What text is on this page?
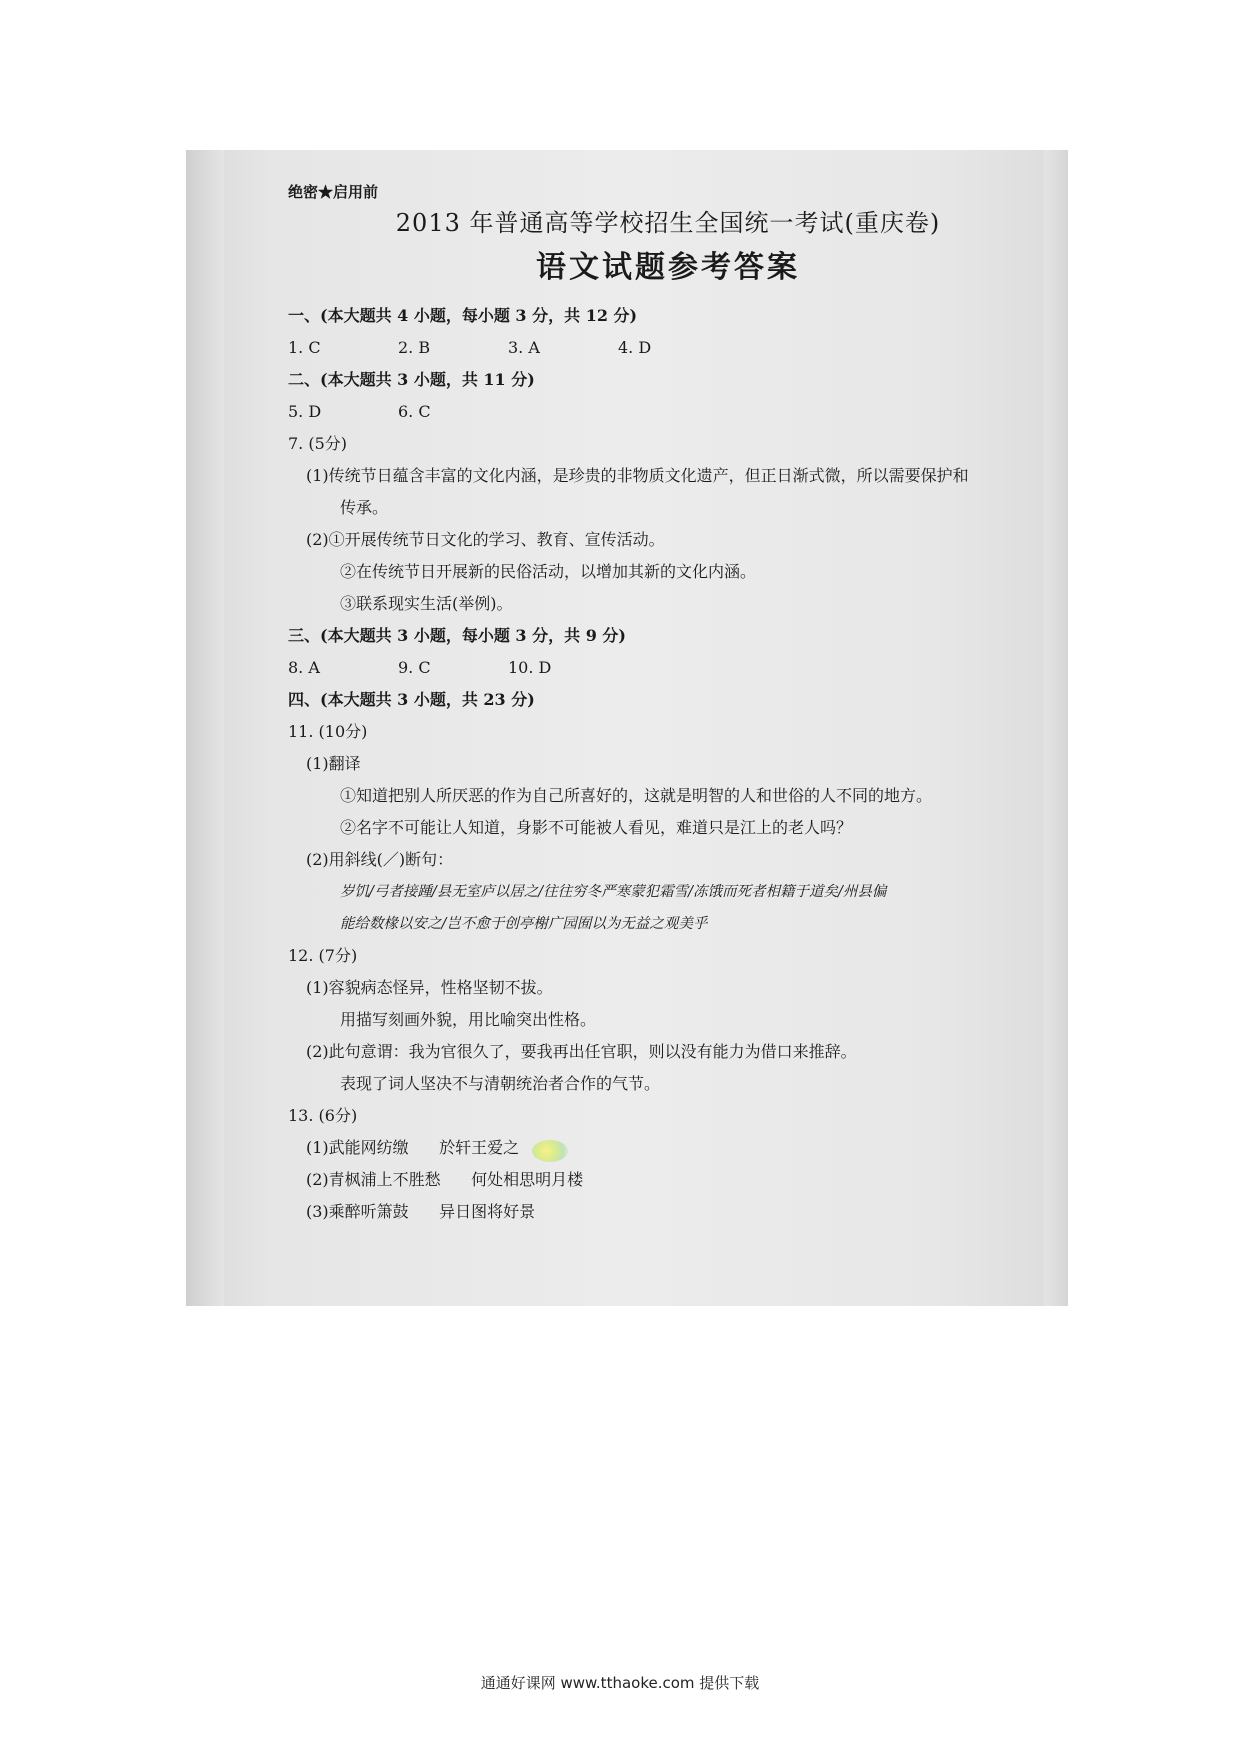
绝密★启用前
2013 年普通高等学校招生全国统一考试(重庆卷)
语文试题参考答案
一、(本大题共 4 小题，每小题 3 分，共 12 分)
1. C	2. B	3. A	4. D
二、(本大题共 3 小题，共 11 分)
5. D	6. C
7. (5分)
(1)传统节日蕴含丰富的文化内涵，是珍贵的非物质文化遗产，但正日渐式微，所以需要保护和
传承。
(2)①开展传统节日文化的学习、教育、宣传活动。
②在传统节日开展新的民俗活动，以增加其新的文化内涵。
③联系现实生活(举例)。
三、(本大题共 3 小题，每小题 3 分，共 9 分)
8. A	9. C	10. D
四、(本大题共 3 小题，共 23 分)
11. (10分)
(1)翻译
①知道把别人所厌恶的作为自己所喜好的，这就是明智的人和世俗的人不同的地方。
②名字不可能让人知道，身影不可能被人看见，难道只是江上的老人吗？
(2)用斜线(／)断句：
岁饥/弓者接踵/县无室庐以居之/往往穷冬严寒蒙犯霜雪/冻饿而死者相籍于道矣/州县偏
能给数椽以安之/岂不愈于创亭榭广园囿以为无益之观美乎
12. (7分)
(1)容貌病态怪异，性格坚韧不拔。
用描写刻画外貌，用比喻突出性格。
(2)此句意谓：我为官很久了，要我再出任官职，则以没有能力为借口来推辞。
表现了词人坚决不与清朝统治者合作的气节。
13. (6分)
(1)武能网纺缴      於轩王爱之
(2)青枫浦上不胜愁      何处相思明月楼
(3)乘醉听箫鼓      异日图将好景
通通好课网 www.tthaoke.com 提供下载
